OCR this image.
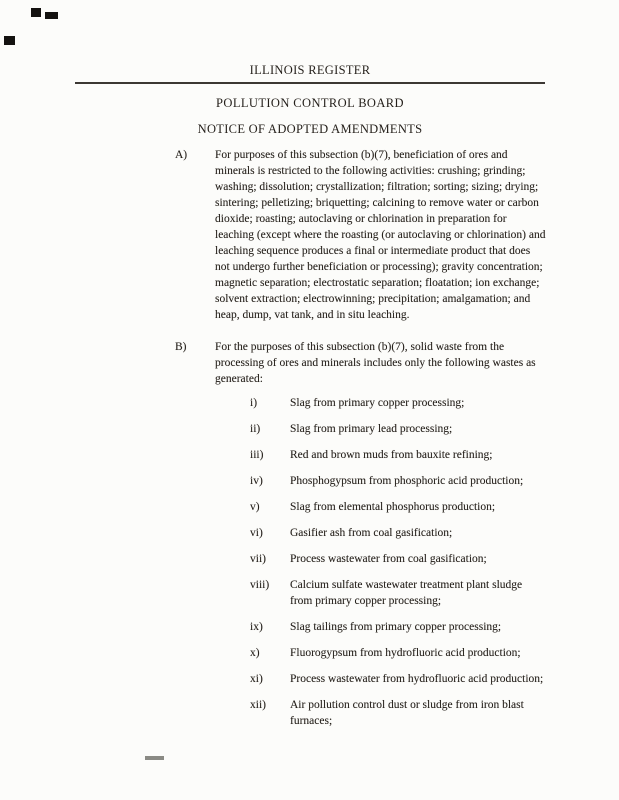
ILLINOIS REGISTER
POLLUTION CONTROL BOARD
NOTICE OF ADOPTED AMENDMENTS
A)	For purposes of this subsection (b)(7), beneficiation of ores and minerals is restricted to the following activities: crushing; grinding; washing; dissolution; crystallization; filtration; sorting; sizing; drying; sintering; pelletizing; briquetting; calcining to remove water or carbon dioxide; roasting; autoclaving or chlorination in preparation for leaching (except where the roasting (or autoclaving or chlorination) and leaching sequence produces a final or intermediate product that does not undergo further beneficiation or processing); gravity concentration; magnetic separation; electrostatic separation; floatation; ion exchange; solvent extraction; electrowinning; precipitation; amalgamation; and heap, dump, vat tank, and in situ leaching.
B)	For the purposes of this subsection (b)(7), solid waste from the processing of ores and minerals includes only the following wastes as generated:
i)	Slag from primary copper processing;
ii)	Slag from primary lead processing;
iii)	Red and brown muds from bauxite refining;
iv)	Phosphogypsum from phosphoric acid production;
v)	Slag from elemental phosphorus production;
vi)	Gasifier ash from coal gasification;
vii)	Process wastewater from coal gasification;
viii)	Calcium sulfate wastewater treatment plant sludge from primary copper processing;
ix)	Slag tailings from primary copper processing;
x)	Fluorogypsum from hydrofluoric acid production;
xi)	Process wastewater from hydrofluoric acid production;
xii)	Air pollution control dust or sludge from iron blast furnaces;
